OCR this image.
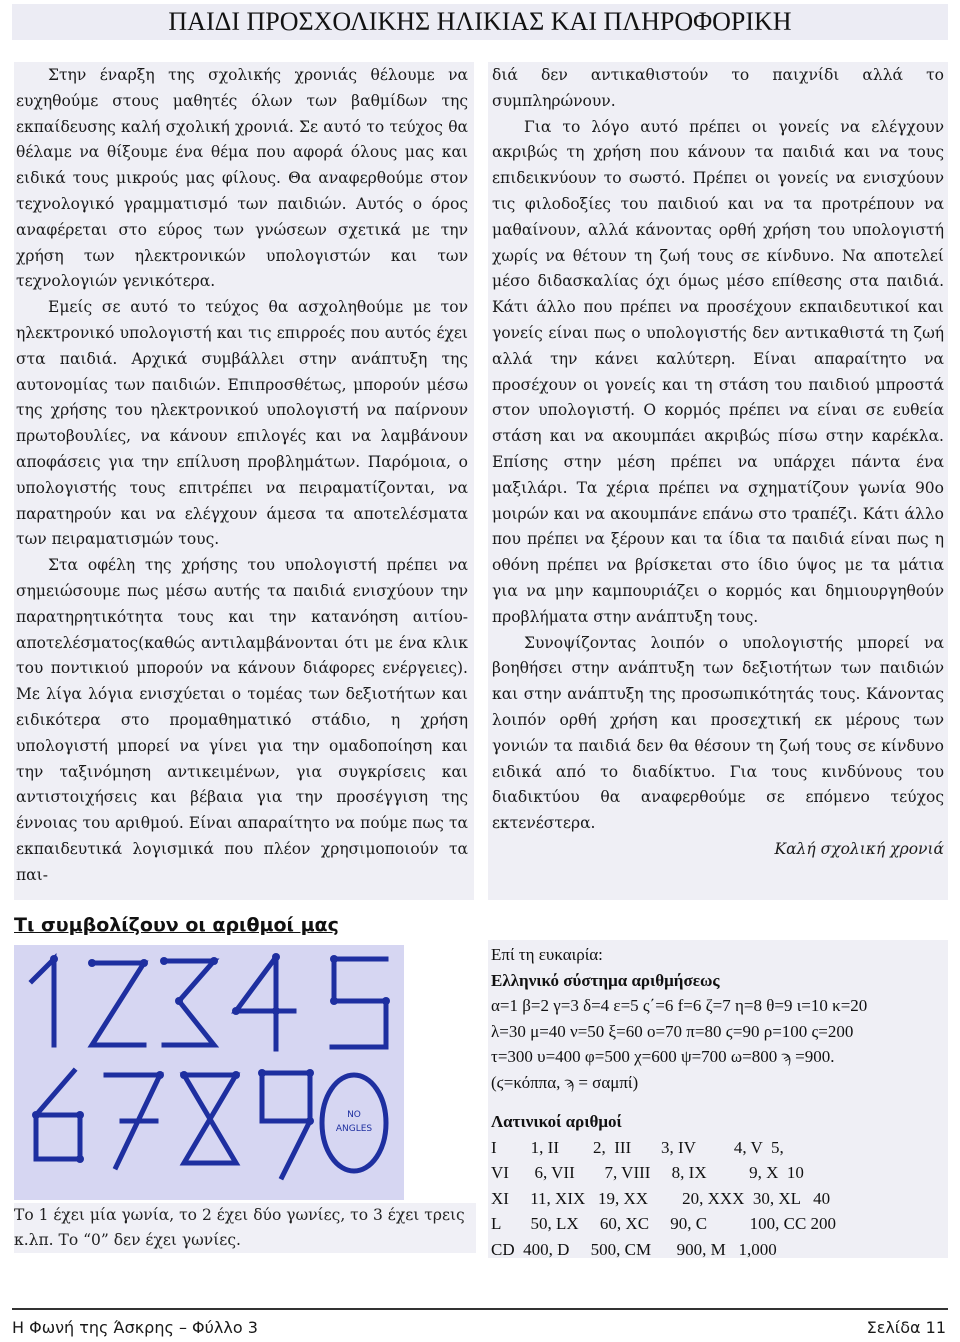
ΠΑΙΔΙ ΠΡΟΣΧΟΛΙΚΗΣ ΗΛΙΚΙΑΣ ΚΑΙ ΠΛΗΡΟΦΟΡΙΚΗ

Στην έναρξη της σχολικής χρονιάς θέλουμε να ευχηθούμε στους μαθητές όλων των βαθμίδων της εκπαίδευσης καλή σχολική χρονιά. Σε αυτό το τεύχος θα θέλαμε να θίξουμε ένα θέμα που αφορά όλους μας και ειδικά τους μικρούς μας φίλους. Θα αναφερθούμε στον τεχνολογικό γραμματισμό των παιδιών. Αυτός ο όρος αναφέρεται στο εύρος των γνώσεων σχετικά με την χρήση των ηλεκτρονικών υπολογιστών και των τεχνολογιών γενικότερα.

Εμείς σε αυτό το τεύχος θα ασχοληθούμε με τον ηλεκτρονικό υπολογιστή και τις επιρροές που αυτός έχει στα παιδιά. Αρχικά συμβάλλει στην ανάπτυξη της αυτονομίας των παιδιών. Επιπροσθέτως, μπορούν μέσω της χρήσης του ηλεκτρονικού υπολογιστή να παίρνουν πρωτοβουλίες, να κάνουν επιλογές και να λαμβάνουν αποφάσεις για την επίλυση προβλημάτων. Παρόμοια, ο υπολογιστής τους επιτρέπει να πειραματίζονται, να παρατηρούν και να ελέγχουν άμεσα τα αποτελέσματα των πειραματισμών τους.

Στα οφέλη της χρήσης του υπολογιστή πρέπει να σημειώσουμε πως μέσω αυτής τα παιδιά ενισχύουν την παρατηρητικότητα τους και την κατανόηση αιτίου-αποτελέσματος(καθώς αντιλαμβάνονται ότι με ένα κλικ του ποντικιού μπορούν να κάνουν διάφορες ενέργειες). Με λίγα λόγια ενισχύεται ο τομέας των δεξιοτήτων και ειδικότερα στο προμαθηματικό στάδιο, η χρήση υπολογιστή μπορεί να γίνει για την ομαδοποίηση και την ταξινόμηση αντικειμένων, για συγκρίσεις και αντιστοιχήσεις και βέβαια για την προσέγγιση της έννοιας του αριθμού. Είναι απαραίτητο να πούμε πως τα εκπαιδευτικά λογισμικά που πλέον χρησιμοποιούν τα παι-

διά δεν αντικαθιστούν το παιχνίδι αλλά το συμπληρώνουν.

Για το λόγο αυτό πρέπει οι γονείς να ελέγχουν ακριβώς τη χρήση που κάνουν τα παιδιά και να τους επιδεικνύουν το σωστό. Πρέπει οι γονείς να ενισχύουν τις φιλοδοξίες του παιδιού και να τα προτρέπουν να μαθαίνουν, αλλά κάνοντας ορθή χρήση του υπολογιστή χωρίς να θέτουν τη ζωή τους σε κίνδυνο. Να αποτελεί μέσο διδασκαλίας όχι όμως μέσο επίθεσης στα παιδιά. Κάτι άλλο που πρέπει να προσέχουν εκπαιδευτικοί και γονείς είναι πως ο υπολογιστής δεν αντικαθιστά τη ζωή αλλά την κάνει καλύτερη. Είναι απαραίτητο να προσέχουν οι γονείς και τη στάση του παιδιού μπροστά στον υπολογιστή. Ο κορμός πρέπει να είναι σε ευθεία στάση και να ακουμπάει ακριβώς πίσω στην καρέκλα. Επίσης στην μέση πρέπει να υπάρχει πάντα ένα μαξιλάρι. Τα χέρια πρέπει να σχηματίζουν γωνία 90ο μοιρών και να ακουμπάνε επάνω στο τραπέζι. Κάτι άλλο που πρέπει να ξέρουν και τα ίδια τα παιδιά είναι πως η οθόνη πρέπει να βρίσκεται στο ίδιο ύψος με τα μάτια για να μην καμπουριάζει ο κορμός και δημιουργηθούν προβλήματα στην ανάπτυξη τους.

Συνοψίζοντας λοιπόν ο υπολογιστής μπορεί να βοηθήσει στην ανάπτυξη των δεξιοτήτων των παιδιών και στην ανάπτυξη της προσωπικότητάς τους. Κάνοντας λοιπόν ορθή χρήση και προσεχτική εκ μέρους των γονιών τα παιδιά δεν θα θέσουν τη ζωή τους σε κίνδυνο ειδικά από το διαδίκτυο. Για τους κινδύνους του διαδικτύου θα αναφερθούμε σε επόμενο τεύχος εκτενέστερα.

Καλή σχολική χρονιά

Τι συμβολίζουν οι αριθμοί μας
NO
ANGLES
Το 1 έχει μία γωνία, το 2 έχει δύο γωνίες, το 3 έχει τρεις κ.λπ. Το “0” δεν έχει γωνίες.
Επί τη ευκαιρία:
Ελληνικό σύστημα αριθμήσεως
α=1 β=2 γ=3 δ=4 ε=5 ς΄=6 f=6 ζ=7 η=8 θ=9 ι=10 κ=20
λ=30 μ=40 ν=50 ξ=60 ο=70 π=80 ϛ=90 ρ=100 ς=200
τ=300 υ=400 φ=500 χ=600 ψ=700 ω=800 ϡ =900.
(ϛ=κόππα, ϡ = σαμπί)
Λατινικοί αριθμοί
I        1, II        2,  III       3, IV         4, V  5,
VI      6, VII       7, VIII     8, IX          9, X  10
XI     11, XIX   19, XX        20, XXX  30, XL   40
L       50, LX     60, XC     90, C          100, CC 200
CD  400, D     500, CM      900, M   1,000
Η Φωνή της Άσκρης – Φύλλο 3	Σελίδα 11
